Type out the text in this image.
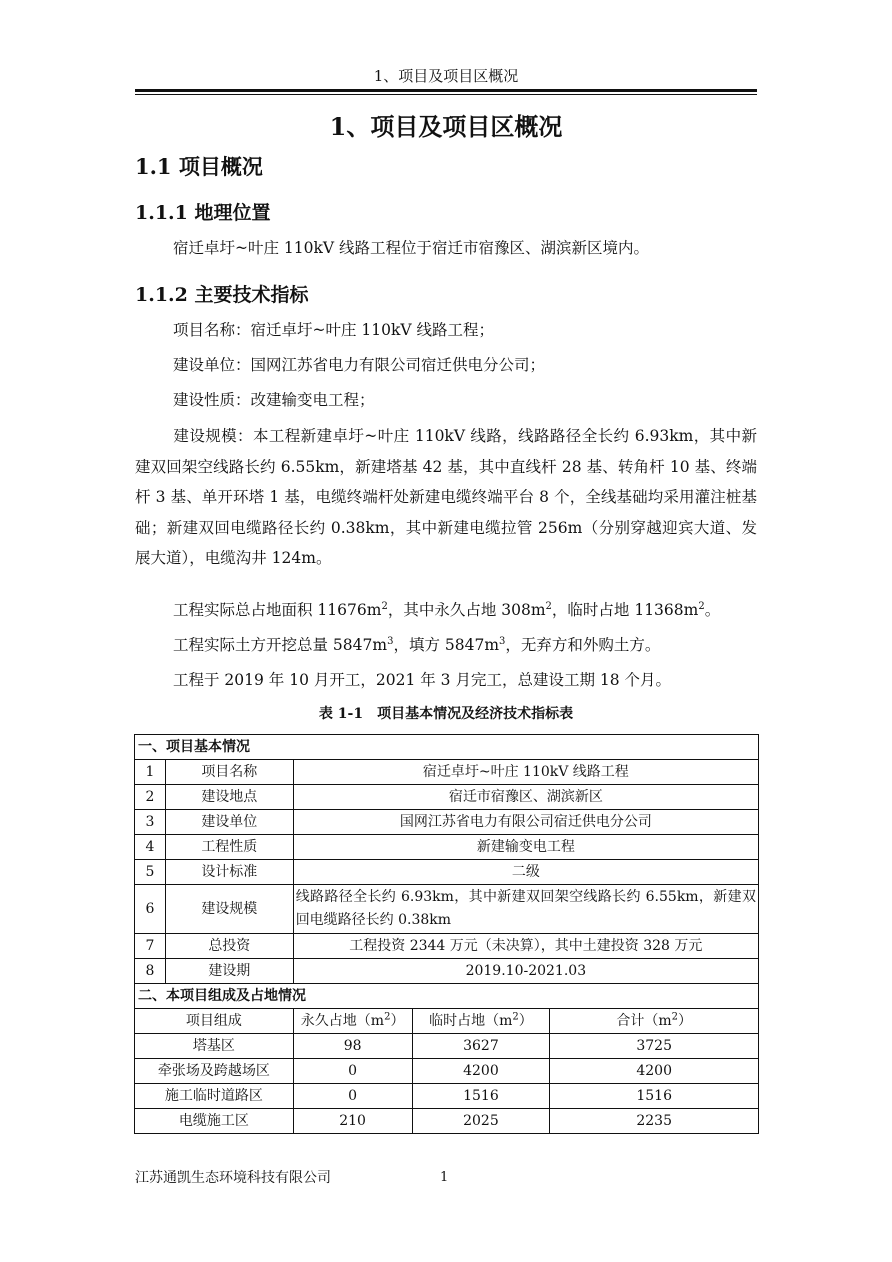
1、项目及项目区概况
1、项目及项目区概况
1.1 项目概况
1.1.1 地理位置
宿迁卓圩~叶庄 110kV 线路工程位于宿迁市宿豫区、湖滨新区境内。
1.1.2 主要技术指标
项目名称：宿迁卓圩~叶庄 110kV 线路工程；
建设单位：国网江苏省电力有限公司宿迁供电分公司；
建设性质：改建输变电工程；
建设规模：本工程新建卓圩~叶庄 110kV 线路，线路路径全长约 6.93km，其中新建双回架空线路长约 6.55km，新建塔基 42 基，其中直线杆 28 基、转角杆 10 基、终端杆 3 基、单开环塔 1 基，电缆终端杆处新建电缆终端平台 8 个，全线基础均采用灌注桩基础；新建双回电缆路径长约 0.38km，其中新建电缆拉管 256m（分别穿越迎宾大道、发展大道），电缆沟井 124m。
工程实际总占地面积 $11676m^2$，其中永久占地 $308m^2$，临时占地 $11368m^2$。
工程实际土方开挖总量 $5847m^3$，填方 $5847m^3$，无弃方和外购土方。
工程于 2019 年 10 月开工，2021 年 3 月完工，总建设工期 18 个月。
表 1-1　项目基本情况及经济技术指标表
一、项目基本情况				
1	项目名称	宿迁卓圩~叶庄 110kV 线路工程		
2	建设地点	宿迁市宿豫区、湖滨新区		
3	建设单位	国网江苏省电力有限公司宿迁供电分公司		
4	工程性质	新建输变电工程		
5	设计标准	二级		
6	建设规模	线路路径全长约 6.93km，其中新建双回架空线路长约 6.55km，新建双回电缆路径长约 0.38km		
7	总投资	工程投资 2344 万元（未决算），其中土建投资 328 万元		
8	建设期	2019.10-2021.03		
二、本项目组成及占地情况				
项目组成		永久占地$(m^2)$	临时占地$(m^2)$	合计$(m^2)$
塔基区		98	3627	3725
牵张场及跨越场区		0	4200	4200
施工临时道路区		0	1516	1516
电缆施工区		210	2025	2235
江苏通凯生态环境科技有限公司	1
